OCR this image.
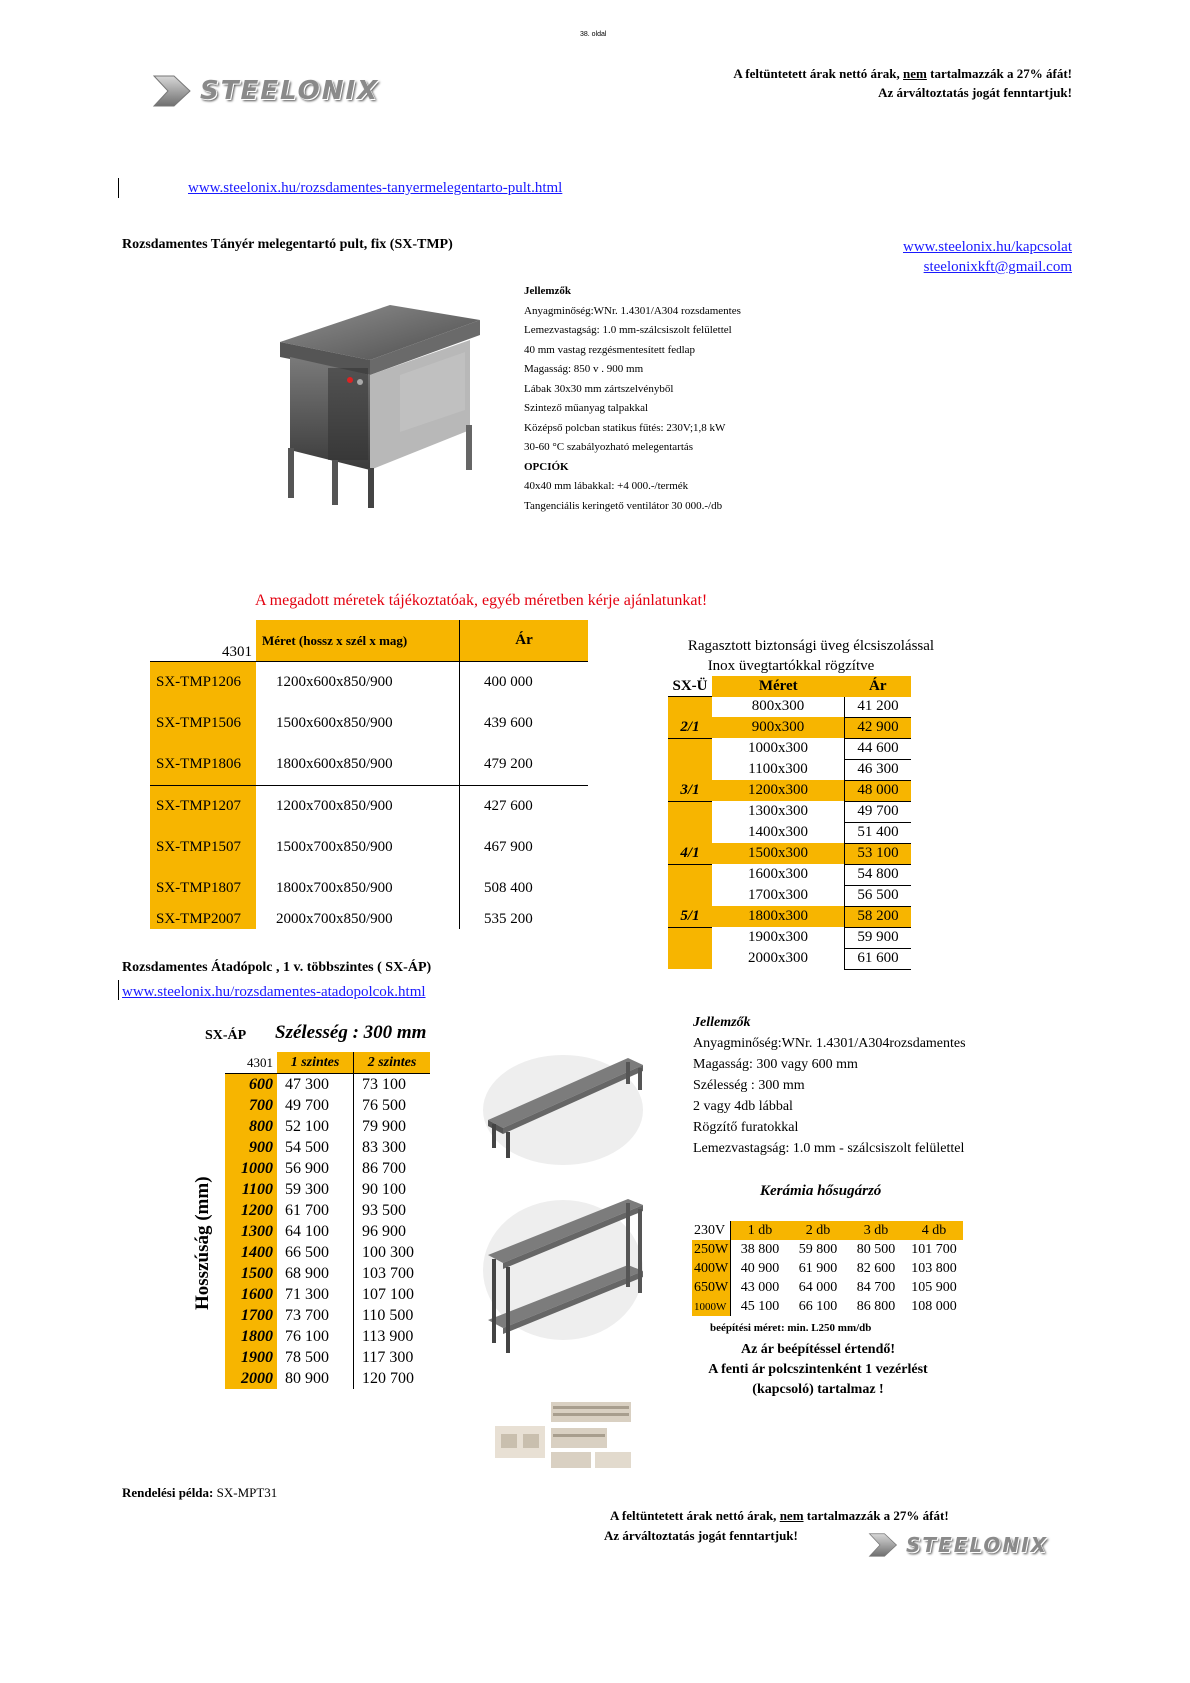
38. oldal
A feltüntetett árak nettó árak, nem tartalmazzák a 27% áfát!
Az árváltoztatás jogát fenntartjuk!
STEELONIX
www.steelonix.hu/rozsdamentes-tanyermelegentarto-pult.html
Rozsdamentes Tányér melegentartó pult, fix (SX-TMP)	www.steelonix.hu/kapcsolat
steelonixkft@gmail.com
Jellemzők
Anyagminőség:WNr. 1.4301/A304 rozsdamentes
Lemezvastagság: 1.0 mm-szálcsiszolt felülettel
40 mm vastag rezgésmentesített fedlap
Magasság: 850 v . 900 mm
Lábak 30x30 mm zártszelvényből
Szintező műanyag talpakkal
Középső polcban statikus fűtés: 230V;1,8 kW
30-60 °C szabályozható melegentartás
OPCIÓK
40x40 mm lábakkal: +4 000.-/termék
Tangenciális keringető ventilátor 30 000.-/db
A megadott méretek tájékoztatóak, egyéb méretben kérje ajánlatunkat!
4301	Méret (hossz x szél x mag)	Ár
SX-TMP1206	1200x600x850/900	400 000
SX-TMP1506	1500x600x850/900	439 600
SX-TMP1806	1800x600x850/900	479 200
SX-TMP1207	1200x700x850/900	427 600
SX-TMP1507	1500x700x850/900	467 900
SX-TMP1807	1800x700x850/900	508 400
SX-TMP2007	2000x700x850/900	535 200
Ragasztott biztonsági üveg élcsiszolással
Inox üvegtartókkal rögzítve
SX-Ü	Méret	Ár
	800x300	41 200
2/1	900x300	42 900
	1000x300	44 600
	1100x300	46 300
3/1	1200x300	48 000
	1300x300	49 700
	1400x300	51 400
4/1	1500x300	53 100
	1600x300	54 800
	1700x300	56 500
5/1	1800x300	58 200
	1900x300	59 900
	2000x300	61 600
Rozsdamentes Átadópolc , 1 v. többszintes ( SX-ÁP)
www.steelonix.hu/rozsdamentes-atadopolcok.html
SX-ÁP Szélesség : 300 mm
Hosszúság (mm)
4301	1 szintes	2 szintes
600	47 300	73 100
700	49 700	76 500
800	52 100	79 900
900	54 500	83 300
1000	56 900	86 700
1100	59 300	90 100
1200	61 700	93 500
1300	64 100	96 900
1400	66 500	100 300
1500	68 900	103 700
1600	71 300	107 100
1700	73 700	110 500
1800	76 100	113 900
1900	78 500	117 300
2000	80 900	120 700
Jellemzők
Anyagminőség:WNr. 1.4301/A304rozsdamentes
Magasság: 300 vagy 600 mm
Szélesség : 300 mm
2 vagy 4db lábbal
Rögzítő furatokkal
Lemezvastagság: 1.0 mm - szálcsiszolt felülettel
Kerámia hősugárzó
230V	1 db	2 db	3 db	4 db
250W	38 800	59 800	80 500	101 700
400W	40 900	61 900	82 600	103 800
650W	43 000	64 000	84 700	105 900
1000W	45 100	66 100	86 800	108 000
beépítési méret: min. L250 mm/db
Az ár beépítéssel értendő!
A fenti ár polcszintenként 1 vezérlést
(kapcsoló) tartalmaz !
Rendelési példa: SX-MPT31
A feltüntetett árak nettó árak, nem tartalmazzák a 27% áfát!
Az árváltoztatás jogát fenntartjuk!	STEELONIX
